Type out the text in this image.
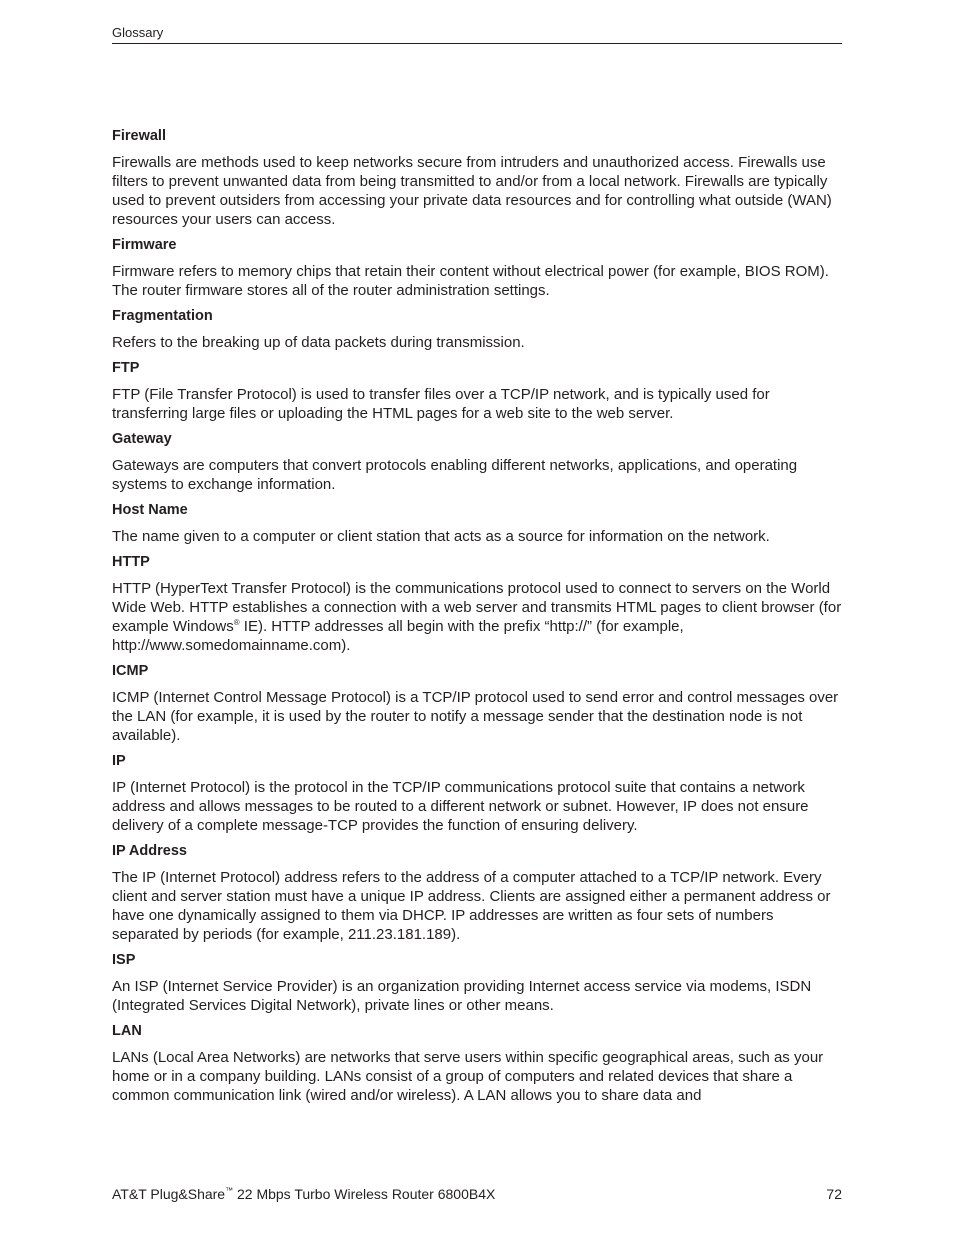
Glossary
Firewall

Firewalls are methods used to keep networks secure from intruders and unauthorized access. Firewalls use filters to prevent unwanted data from being transmitted to and/or from a local network. Firewalls are typically used to prevent outsiders from accessing your private data resources and for controlling what outside (WAN) resources your users can access.

Firmware

Firmware refers to memory chips that retain their content without electrical power (for example, BIOS ROM). The router firmware stores all of the router administration settings.

Fragmentation

Refers to the breaking up of data packets during transmission.

FTP

FTP (File Transfer Protocol) is used to transfer files over a TCP/IP network, and is typically used for transferring large files or uploading the HTML pages for a web site to the web server.

Gateway

Gateways are computers that convert protocols enabling different networks, applications, and operating systems to exchange information.

Host Name

The name given to a computer or client station that acts as a source for information on the network.

HTTP

HTTP (HyperText Transfer Protocol) is the communications protocol used to connect to servers on the World Wide Web. HTTP establishes a connection with a web server and transmits HTML pages to client browser (for example Windows® IE). HTTP addresses all begin with the prefix “http://” (for example, http://www.somedomainname.com).

ICMP

ICMP (Internet Control Message Protocol) is a TCP/IP protocol used to send error and control messages over the LAN (for example, it is used by the router to notify a message sender that the destination node is not available).

IP

IP (Internet Protocol) is the protocol in the TCP/IP communications protocol suite that contains a network address and allows messages to be routed to a different network or subnet. However, IP does not ensure delivery of a complete message-TCP provides the function of ensuring delivery.

IP Address

The IP (Internet Protocol) address refers to the address of a computer attached to a TCP/IP network. Every client and server station must have a unique IP address. Clients are assigned either a permanent address or have one dynamically assigned to them via DHCP. IP addresses are written as four sets of numbers separated by periods (for example, 211.23.181.189).

ISP

An ISP (Internet Service Provider) is an organization providing Internet access service via modems, ISDN (Integrated Services Digital Network), private lines or other means.

LAN

LANs (Local Area Networks) are networks that serve users within specific geographical areas, such as your home or in a company building. LANs consist of a group of computers and related devices that share a common communication link (wired and/or wireless). A LAN allows you to share data and

AT&T Plug&Share™ 22 Mbps Turbo Wireless Router 6800B4X	72
